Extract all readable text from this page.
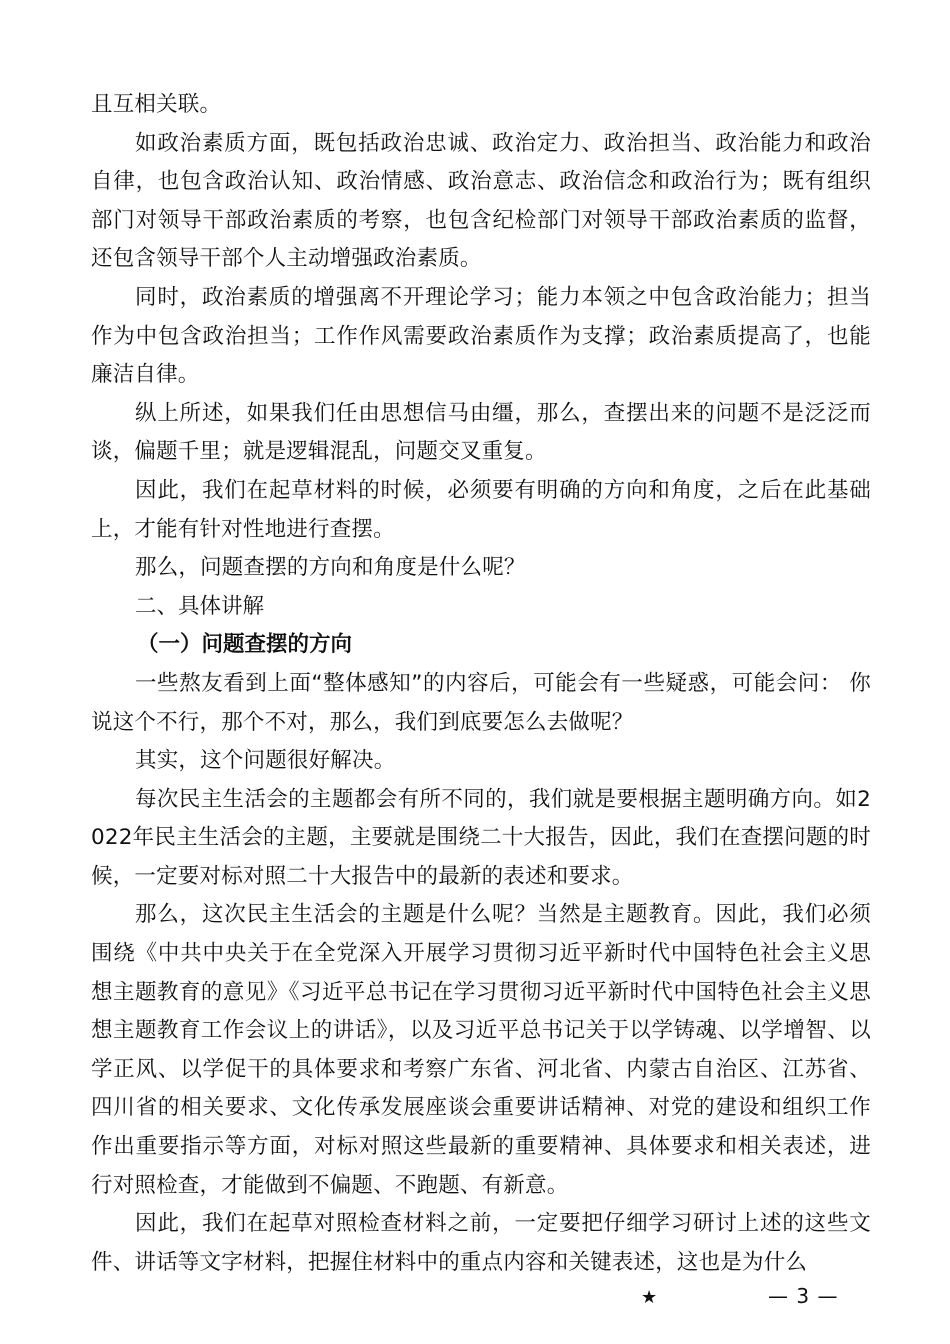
且互相关联。

如政治素质方面，既包括政治忠诚、政治定力、政治担当、政治能力和政治自律，也包含政治认知、政治情感、政治意志、政治信念和政治行为；既有组织部门对领导干部政治素质的考察，也包含纪检部门对领导干部政治素质的监督，还包含领导干部个人主动增强政治素质。

同时，政治素质的增强离不开理论学习；能力本领之中包含政治能力；担当作为中包含政治担当；工作作风需要政治素质作为支撑；政治素质提高了，也能廉洁自律。

纵上所述，如果我们任由思想信马由缰，那么，查摆出来的问题不是泛泛而谈，偏题千里；就是逻辑混乱，问题交叉重复。

因此，我们在起草材料的时候，必须要有明确的方向和角度，之后在此基础上，才能有针对性地进行查摆。

那么，问题查摆的方向和角度是什么呢？

二、具体讲解

（一）问题查摆的方向

一些熬友看到上面“整体感知”的内容后，可能会有一些疑惑，可能会问： 你说这个不行，那个不对，那么，我们到底要怎么去做呢？

其实，这个问题很好解决。

每次民主生活会的主题都会有所不同的，我们就是要根据主题明确方向。如2022年民主生活会的主题，主要就是围绕二十大报告，因此，我们在查摆问题的时候，一定要对标对照二十大报告中的最新的表述和要求。

那么，这次民主生活会的主题是什么呢？当然是主题教育。因此，我们必须围绕《中共中央关于在全党深入开展学习贯彻习近平新时代中国特色社会主义思想主题教育的意见》《习近平总书记在学习贯彻习近平新时代中国特色社会主义思想主题教育工作会议上的讲话》，以及习近平总书记关于以学铸魂、以学增智、以学正风、以学促干的具体要求和考察广东省、河北省、内蒙古自治区、江苏省、四川省的相关要求、文化传承发展座谈会重要讲话精神、对党的建设和组织工作作出重要指示等方面，对标对照这些最新的重要精神、具体要求和相关表述，进行对照检查，才能做到不偏题、不跑题、有新意。

因此，我们在起草对照检查材料之前，一定要把仔细学习研讨上述的这些文件、讲话等文字材料，把握住材料中的重点内容和关键表述，这也是为什么

★	— 3 —
